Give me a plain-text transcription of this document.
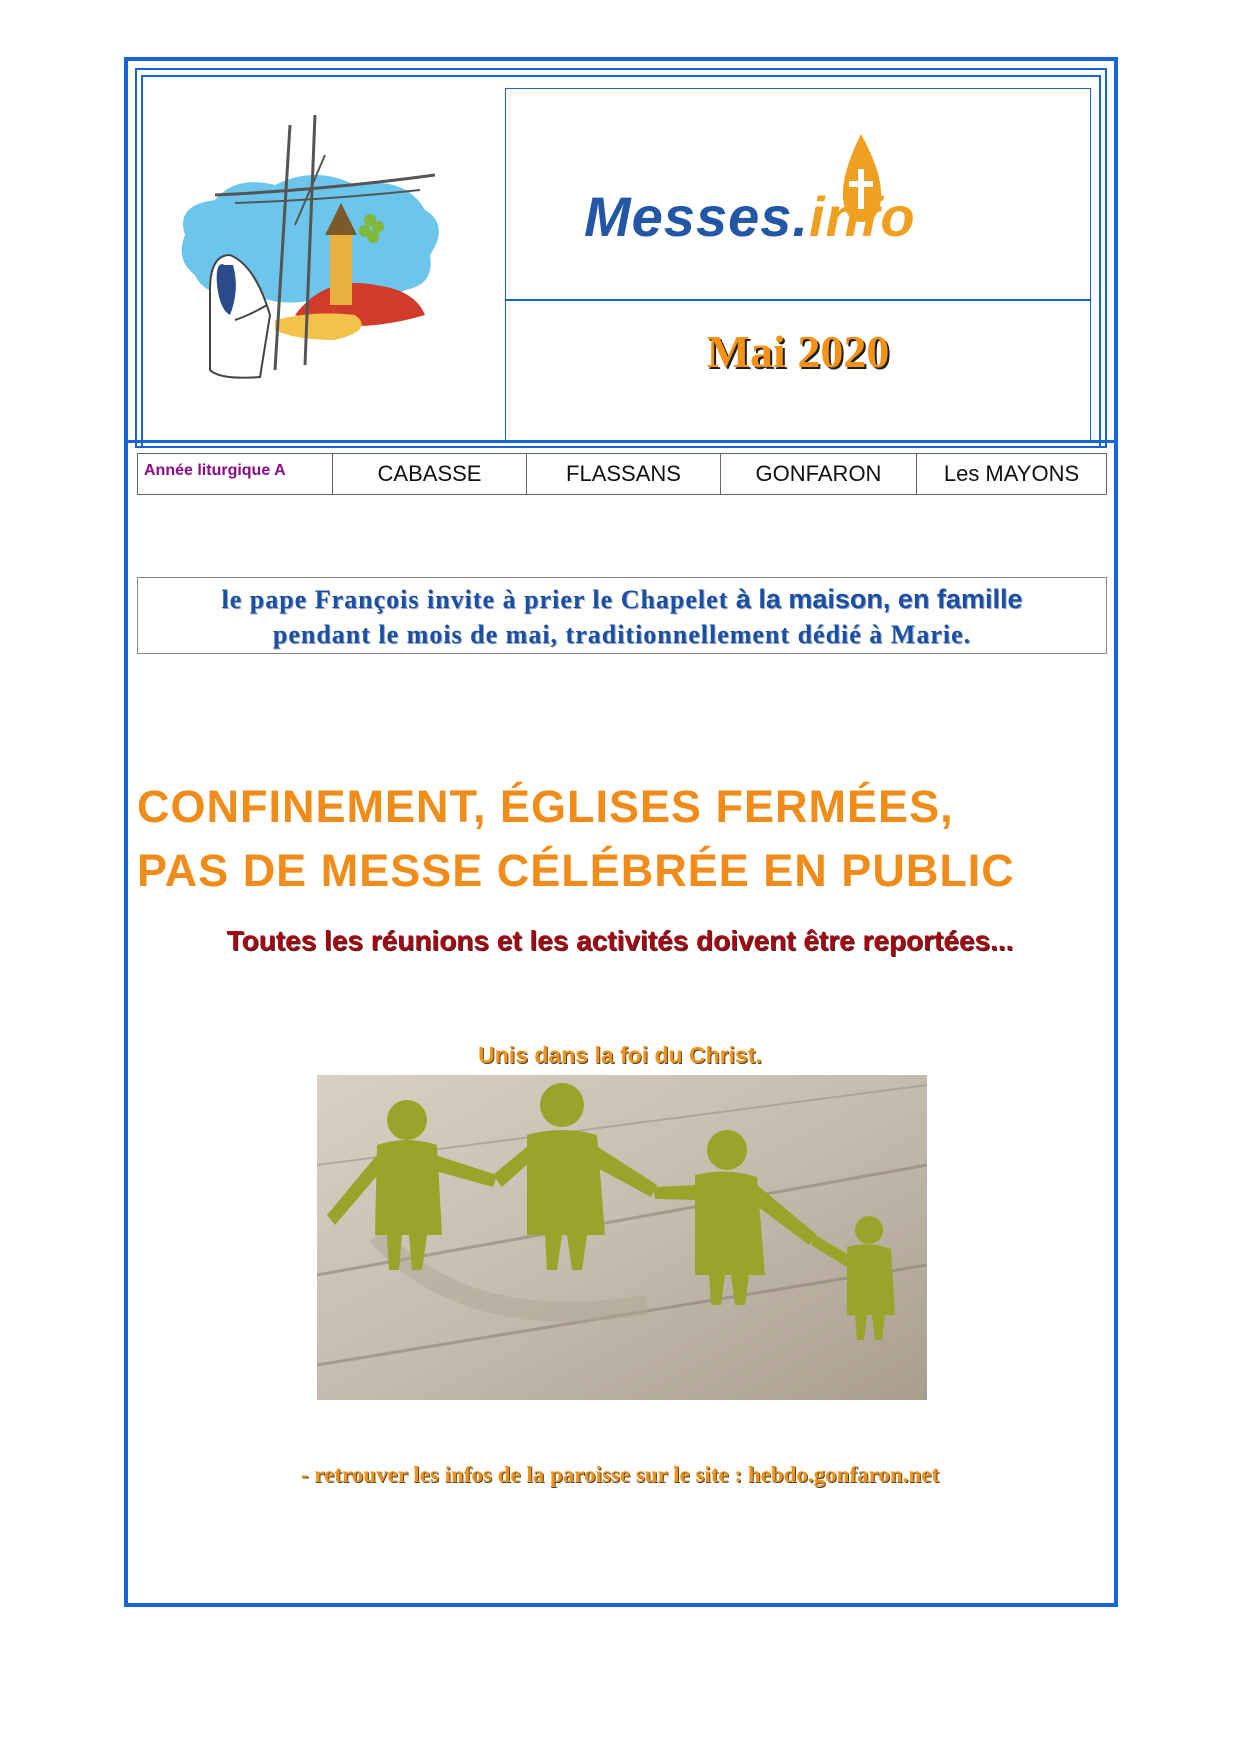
Messes.info
Mai 2020
Année liturgique A	CABASSE	FLASSANS	GONFARON	Les MAYONS
le pape François invite à prier le Chapelet à la maison, en famille
pendant le mois de mai, traditionnellement dédié à Marie.
CONFINEMENT, ÉGLISES FERMÉES,
PAS DE MESSE CÉLÉBRÉE EN PUBLIC
Toutes les réunions et les activités doivent être reportées...
Unis dans la foi du Christ.
- retrouver les infos de la paroisse sur le site : hebdo.gonfaron.net
